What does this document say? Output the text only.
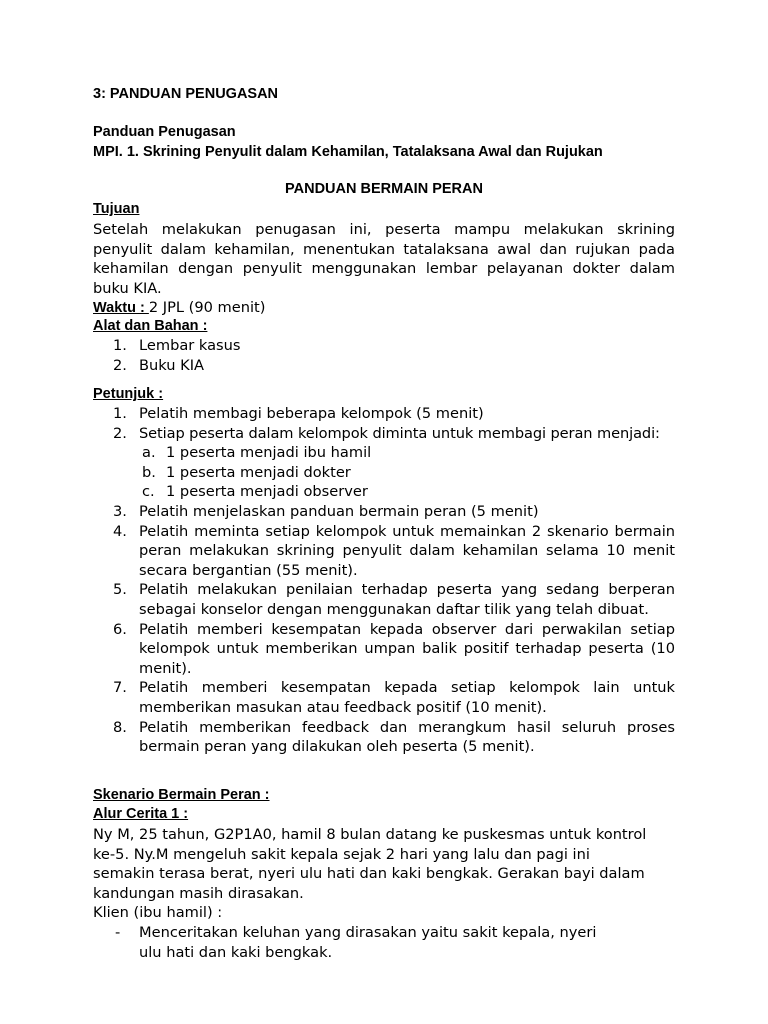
3: PANDUAN PENUGASAN
Panduan Penugasan
MPI. 1. Skrining Penyulit dalam Kehamilan, Tatalaksana Awal dan Rujukan
PANDUAN BERMAIN PERAN
Tujuan
Setelah melakukan penugasan ini, peserta mampu melakukan skrining penyulit dalam kehamilan, menentukan tatalaksana awal dan rujukan pada kehamilan dengan penyulit menggunakan lembar pelayanan dokter dalam buku KIA.
Waktu : 2 JPL (90 menit)
Alat dan Bahan :
1. Lembar kasus
2. Buku KIA
Petunjuk :
1. Pelatih membagi beberapa kelompok (5 menit)
2. Setiap peserta dalam kelompok diminta untuk membagi peran menjadi:
a. 1 peserta menjadi ibu hamil
b. 1 peserta menjadi dokter
c. 1 peserta menjadi observer
3. Pelatih menjelaskan panduan bermain peran (5 menit)
4. Pelatih meminta setiap kelompok untuk memainkan 2 skenario bermain peran melakukan skrining penyulit dalam kehamilan selama 10 menit secara bergantian (55 menit).
5. Pelatih melakukan penilaian terhadap peserta yang sedang berperan sebagai konselor dengan menggunakan daftar tilik yang telah dibuat.
6. Pelatih memberi kesempatan kepada observer dari perwakilan setiap kelompok untuk memberikan umpan balik positif terhadap peserta (10 menit).
7. Pelatih memberi kesempatan kepada setiap kelompok lain untuk memberikan masukan atau feedback positif (10 menit).
8. Pelatih memberikan feedback dan merangkum hasil seluruh proses bermain peran yang dilakukan oleh peserta (5 menit).
Skenario Bermain Peran :
Alur Cerita 1 :
Ny M, 25 tahun, G2P1A0, hamil 8 bulan datang ke puskesmas untuk kontrol
ke-5. Ny.M mengeluh sakit kepala sejak 2 hari yang lalu dan pagi ini
semakin terasa berat, nyeri ulu hati dan kaki bengkak. Gerakan bayi dalam
kandungan masih dirasakan.
Klien (ibu hamil) :
- Menceritakan keluhan yang dirasakan yaitu sakit kepala, nyeri ulu hati dan kaki bengkak.
